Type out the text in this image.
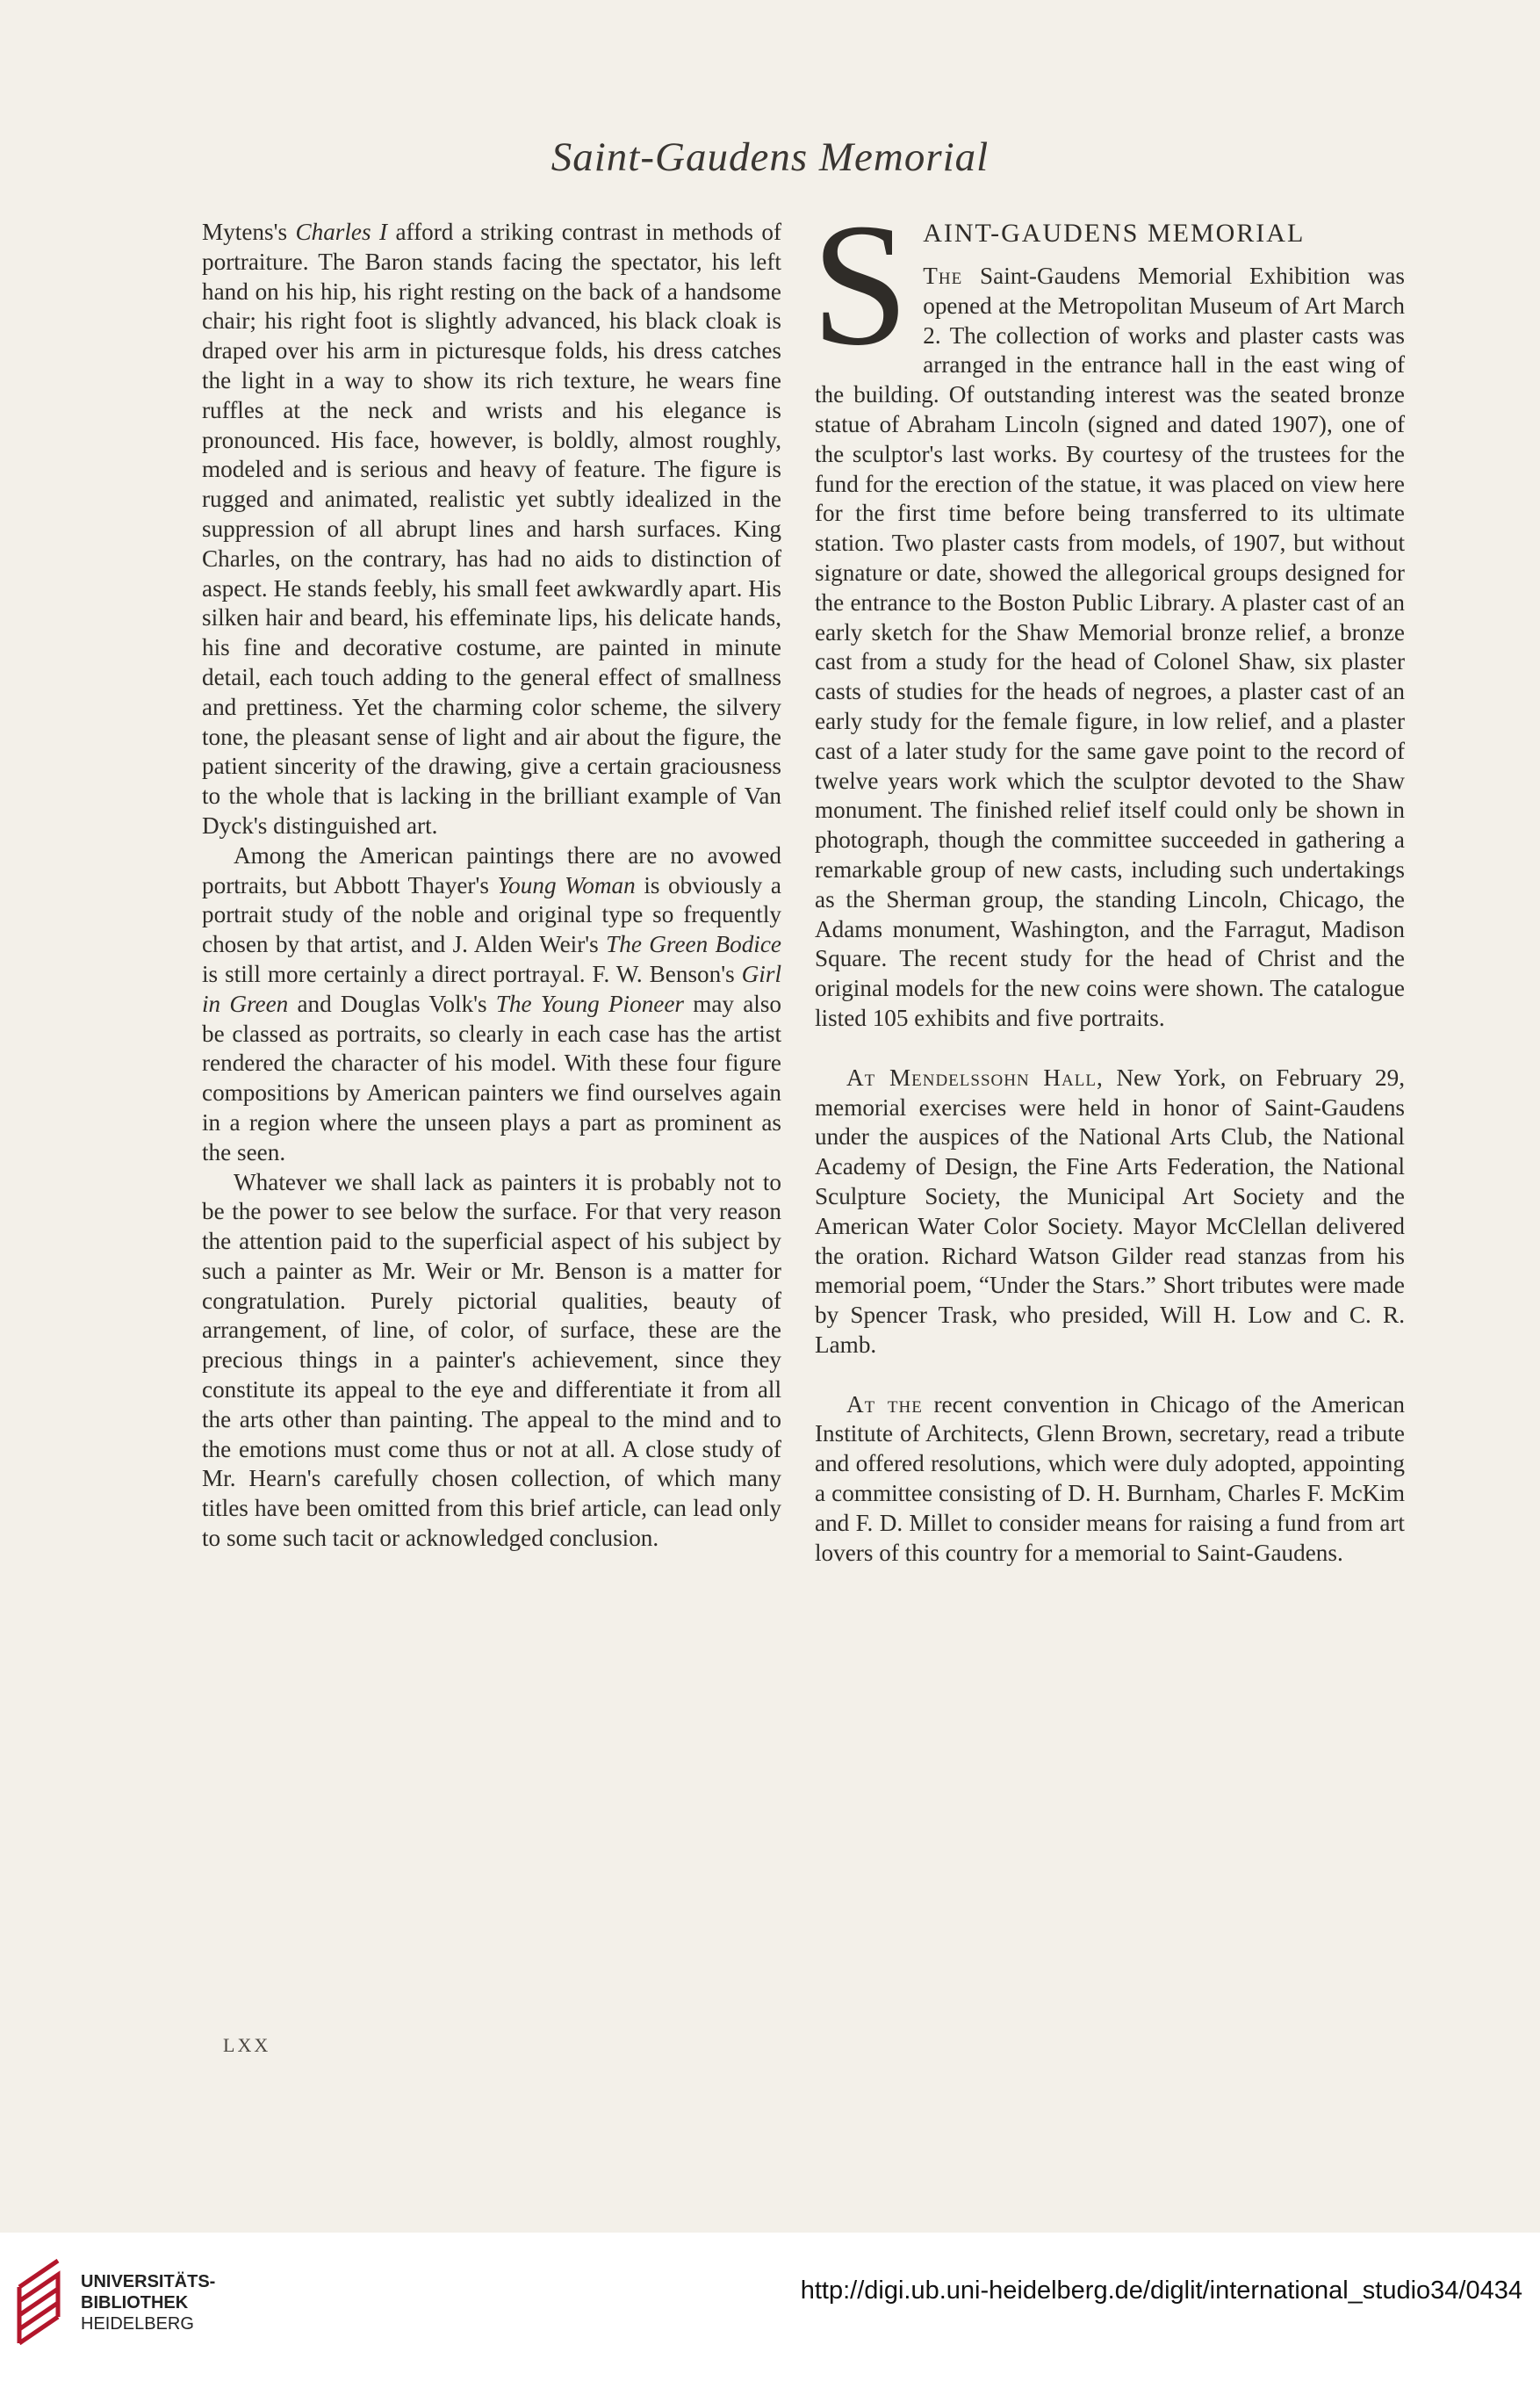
Saint-Gaudens Memorial

Mytens's Charles I afford a striking contrast in methods of portraiture. The Baron stands facing the spectator, his left hand on his hip, his right resting on the back of a handsome chair; his right foot is slightly advanced, his black cloak is draped over his arm in picturesque folds, his dress catches the light in a way to show its rich texture, he wears fine ruffles at the neck and wrists and his elegance is pronounced. His face, however, is boldly, almost roughly, modeled and is serious and heavy of feature. The figure is rugged and animated, realistic yet subtly idealized in the suppression of all abrupt lines and harsh surfaces. King Charles, on the contrary, has had no aids to distinction of aspect. He stands feebly, his small feet awkwardly apart. His silken hair and beard, his effeminate lips, his delicate hands, his fine and decorative costume, are painted in minute detail, each touch adding to the general effect of smallness and prettiness. Yet the charming color scheme, the silvery tone, the pleasant sense of light and air about the figure, the patient sincerity of the drawing, give a certain graciousness to the whole that is lacking in the brilliant example of Van Dyck's distinguished art.

Among the American paintings there are no avowed portraits, but Abbott Thayer's Young Woman is obviously a portrait study of the noble and original type so frequently chosen by that artist, and J. Alden Weir's The Green Bodice is still more certainly a direct portrayal. F. W. Benson's Girl in Green and Douglas Volk's The Young Pioneer may also be classed as portraits, so clearly in each case has the artist rendered the character of his model. With these four figure compositions by American painters we find ourselves again in a region where the unseen plays a part as prominent as the seen.

Whatever we shall lack as painters it is probably not to be the power to see below the surface. For that very reason the attention paid to the superficial aspect of his subject by such a painter as Mr. Weir or Mr. Benson is a matter for congratulation. Purely pictorial qualities, beauty of arrangement, of line, of color, of surface, these are the precious things in a painter's achievement, since they constitute its appeal to the eye and differentiate it from all the arts other than painting. The appeal to the mind and to the emotions must come thus or not at all. A close study of Mr. Hearn's carefully chosen collection, of which many titles have been omitted from this brief article, can lead only to some such tacit or acknowledged conclusion.

S AINT-GAUDENS MEMORIAL

The Saint-Gaudens Memorial Exhibition was opened at the Metropolitan Museum of Art March 2. The collection of works and plaster casts was arranged in the entrance hall in the east wing of the building. Of outstanding interest was the seated bronze statue of Abraham Lincoln (signed and dated 1907), one of the sculptor's last works. By courtesy of the trustees for the fund for the erection of the statue, it was placed on view here for the first time before being transferred to its ultimate station. Two plaster casts from models, of 1907, but without signature or date, showed the allegorical groups designed for the entrance to the Boston Public Library. A plaster cast of an early sketch for the Shaw Memorial bronze relief, a bronze cast from a study for the head of Colonel Shaw, six plaster casts of studies for the heads of negroes, a plaster cast of an early study for the female figure, in low relief, and a plaster cast of a later study for the same gave point to the record of twelve years work which the sculptor devoted to the Shaw monument. The finished relief itself could only be shown in photograph, though the committee succeeded in gathering a remarkable group of new casts, including such undertakings as the Sherman group, the standing Lincoln, Chicago, the Adams monument, Washington, and the Farragut, Madison Square. The recent study for the head of Christ and the original models for the new coins were shown. The catalogue listed 105 exhibits and five portraits.

At Mendelssohn Hall, New York, on February 29, memorial exercises were held in honor of Saint-Gaudens under the auspices of the National Arts Club, the National Academy of Design, the Fine Arts Federation, the National Sculpture Society, the Municipal Art Society and the American Water Color Society. Mayor McClellan delivered the oration. Richard Watson Gilder read stanzas from his memorial poem, “Under the Stars.” Short tributes were made by Spencer Trask, who presided, Will H. Low and C. R. Lamb.

At the recent convention in Chicago of the American Institute of Architects, Glenn Brown, secretary, read a tribute and offered resolutions, which were duly adopted, appointing a committee consisting of D. H. Burnham, Charles F. McKim and F. D. Millet to consider means for raising a fund from art lovers of this country for a memorial to Saint-Gaudens.

LXX
UNIVERSITÄTS-
BIBLIOTHEK
HEIDELBERG
http://digi.ub.uni-heidelberg.de/diglit/international_studio34/0434
